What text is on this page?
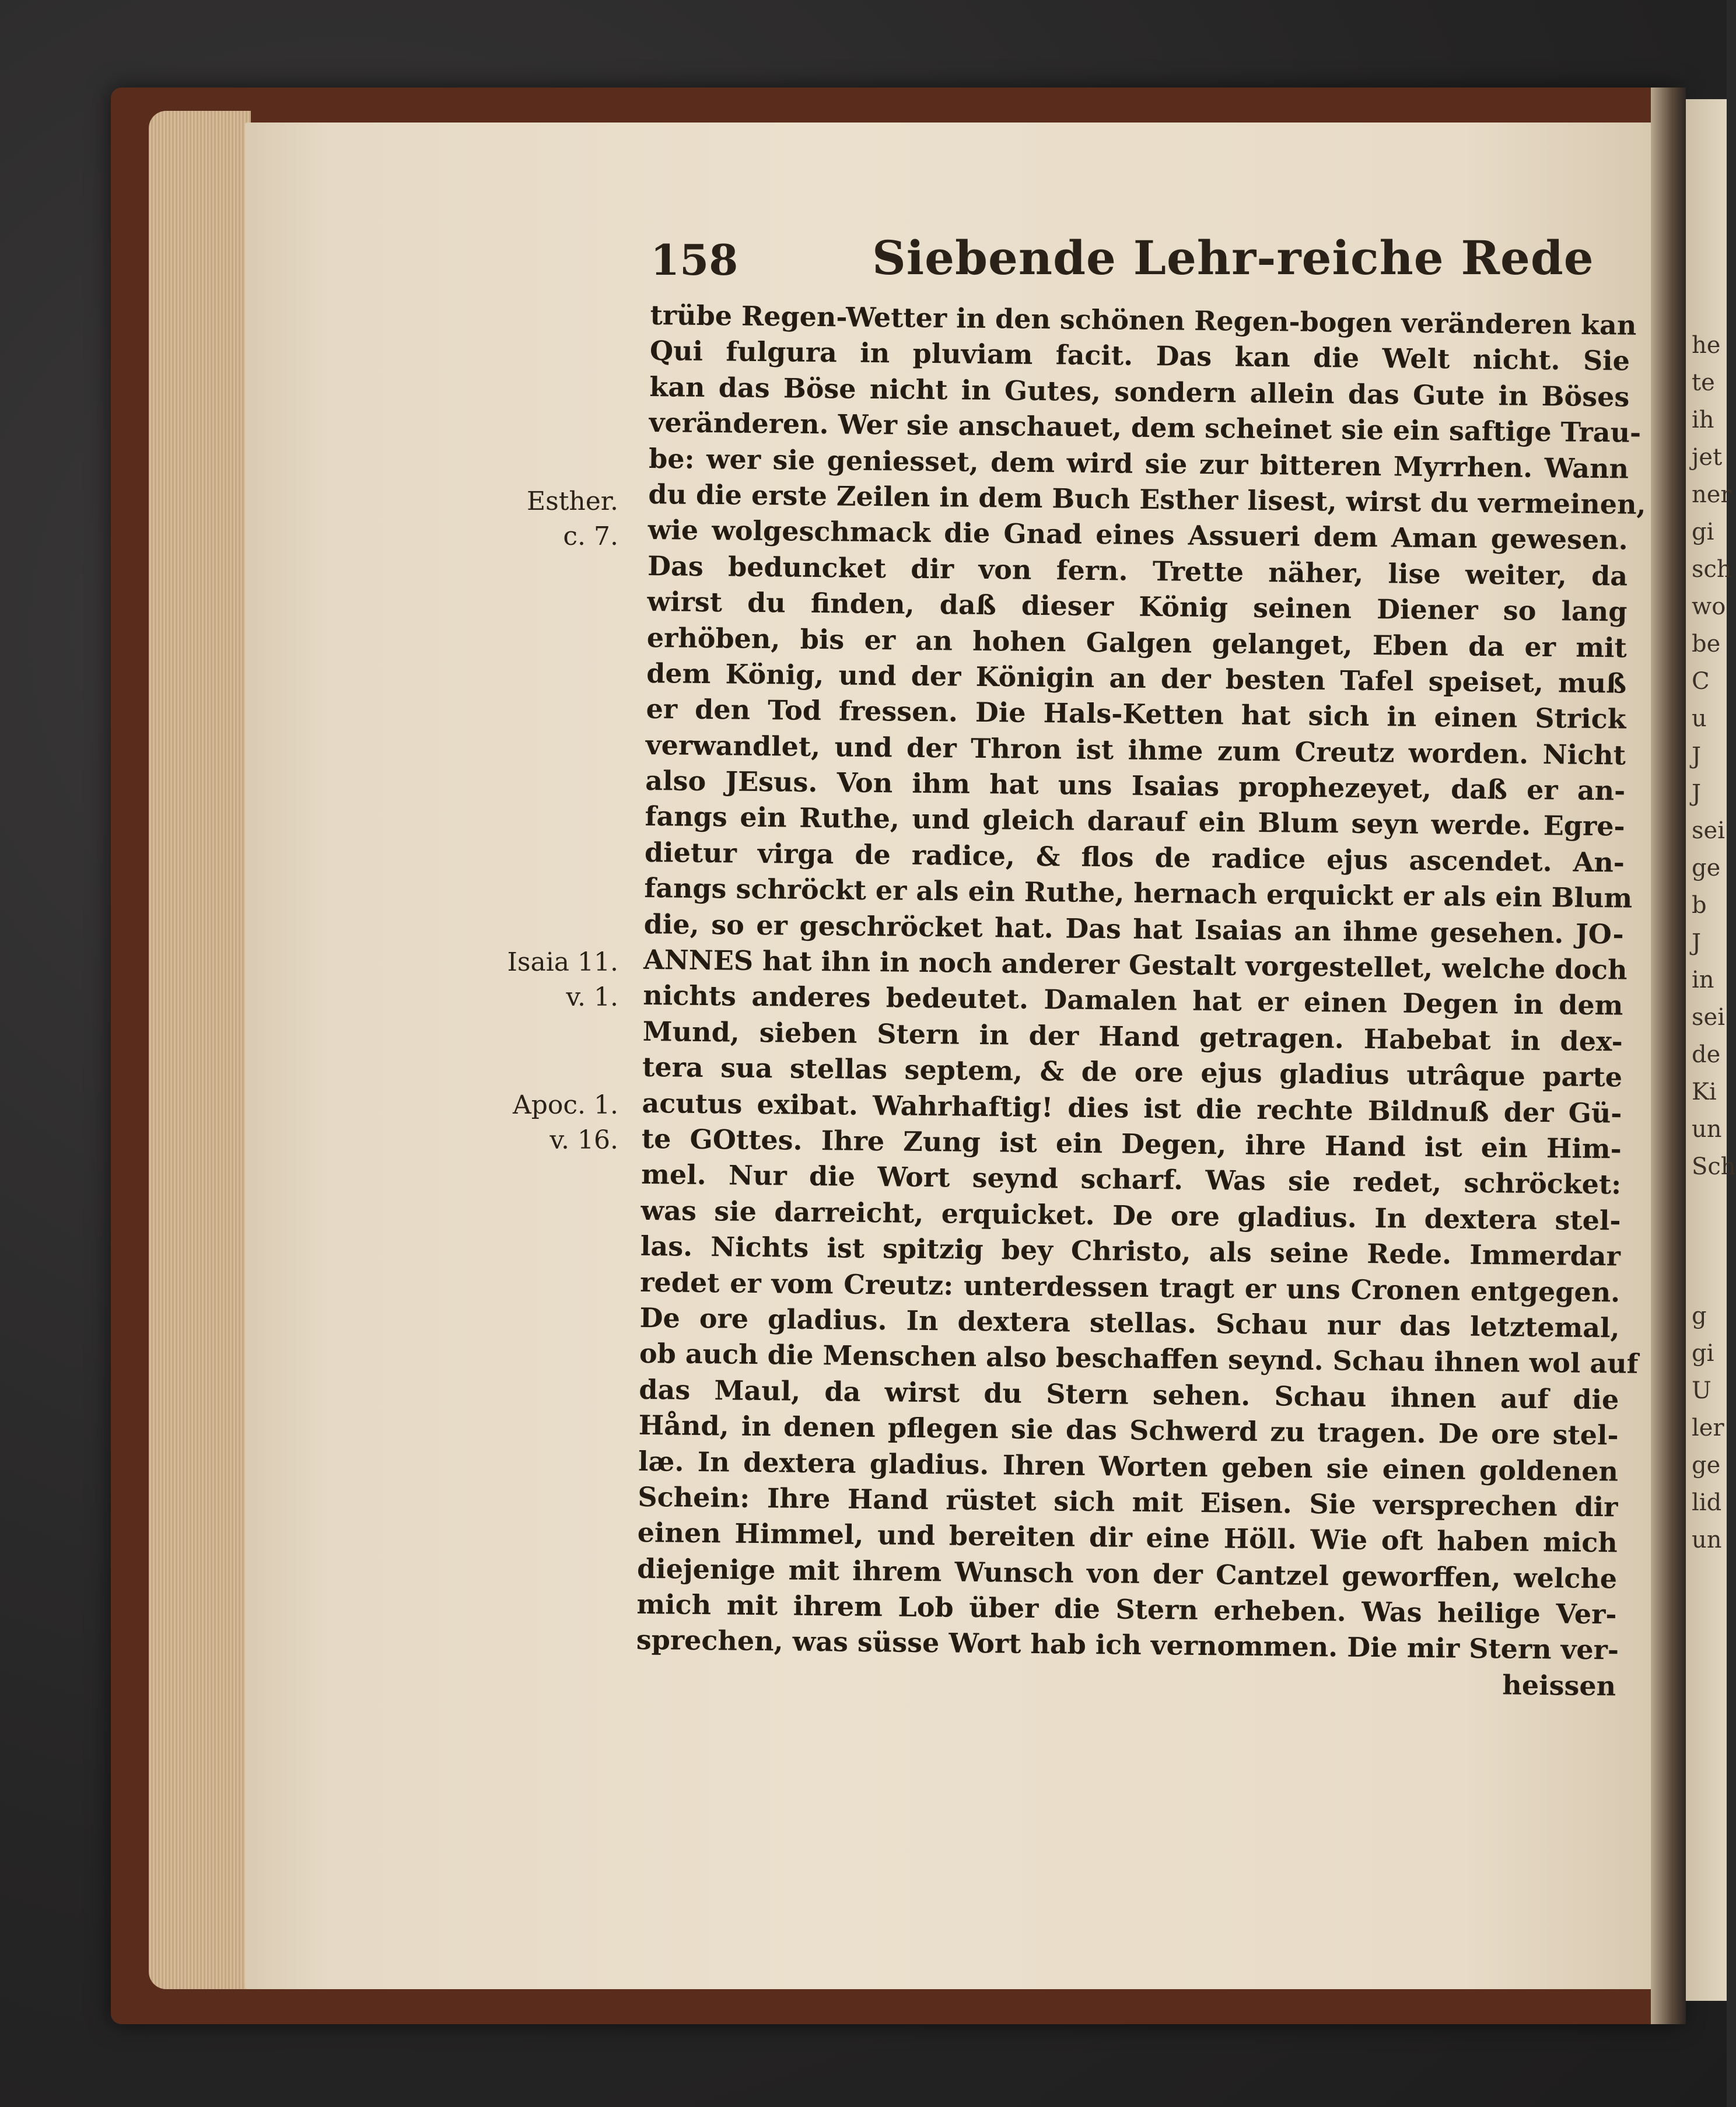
he
te
ih
jet
ner
gi
sch
wo
be
C
u
J
J
sei
ge
b
J
in
sei
de
Ki
un
Sch
g
gi
U
ler
ge
lid
un
158	Siebende Lehr-reiche Rede
Esther.
c. 7.
Isaia 11.
v. 1.
Apoc. 1.
v. 16.
trübe Regen-Wetter in den schönen Regen-bogen veränderen kan
Qui fulgura in pluviam facit. Das kan die Welt nicht. Sie
kan das Böse nicht in Gutes, sondern allein das Gute in Böses
veränderen. Wer sie anschauet, dem scheinet sie ein saftige Trau-
be: wer sie geniesset, dem wird sie zur bitteren Myrrhen. Wann
du die erste Zeilen in dem Buch Esther lisest, wirst du vermeinen,
wie wolgeschmack die Gnad eines Assueri dem Aman gewesen.
Das beduncket dir von fern. Trette näher, lise weiter, da
wirst du finden, daß dieser König seinen Diener so lang
erhöben, bis er an hohen Galgen gelanget, Eben da er mit
dem König, und der Königin an der besten Tafel speiset, muß
er den Tod fressen. Die Hals-Ketten hat sich in einen Strick
verwandlet, und der Thron ist ihme zum Creutz worden. Nicht
also JEsus. Von ihm hat uns Isaias prophezeyet, daß er an-
fangs ein Ruthe, und gleich darauf ein Blum seyn werde. Egre-
dietur virga de radice, & flos de radice ejus ascendet. An-
fangs schröckt er als ein Ruthe, hernach erquickt er als ein Blum
die, so er geschröcket hat. Das hat Isaias an ihme gesehen. JO-
ANNES hat ihn in noch anderer Gestalt vorgestellet, welche doch
nichts anderes bedeutet. Damalen hat er einen Degen in dem
Mund, sieben Stern in der Hand getragen. Habebat in dex-
tera sua stellas septem, & de ore ejus gladius utrâque parte
acutus exibat. Wahrhaftig! dies ist die rechte Bildnuß der Gü-
te GOttes. Ihre Zung ist ein Degen, ihre Hand ist ein Him-
mel. Nur die Wort seynd scharf. Was sie redet, schröcket:
was sie darreicht, erquicket. De ore gladius. In dextera stel-
las. Nichts ist spitzig bey Christo, als seine Rede. Immerdar
redet er vom Creutz: unterdessen tragt er uns Cronen entgegen.
De ore gladius. In dextera stellas. Schau nur das letztemal,
ob auch die Menschen also beschaffen seynd. Schau ihnen wol auf
das Maul, da wirst du Stern sehen. Schau ihnen auf die
Hånd, in denen pflegen sie das Schwerd zu tragen. De ore stel-
læ. In dextera gladius. Ihren Worten geben sie einen goldenen
Schein: Ihre Hand rüstet sich mit Eisen. Sie versprechen dir
einen Himmel, und bereiten dir eine Höll. Wie oft haben mich
diejenige mit ihrem Wunsch von der Cantzel geworffen, welche
mich mit ihrem Lob über die Stern erheben. Was heilige Ver-
sprechen, was süsse Wort hab ich vernommen. Die mir Stern ver-
heissen
